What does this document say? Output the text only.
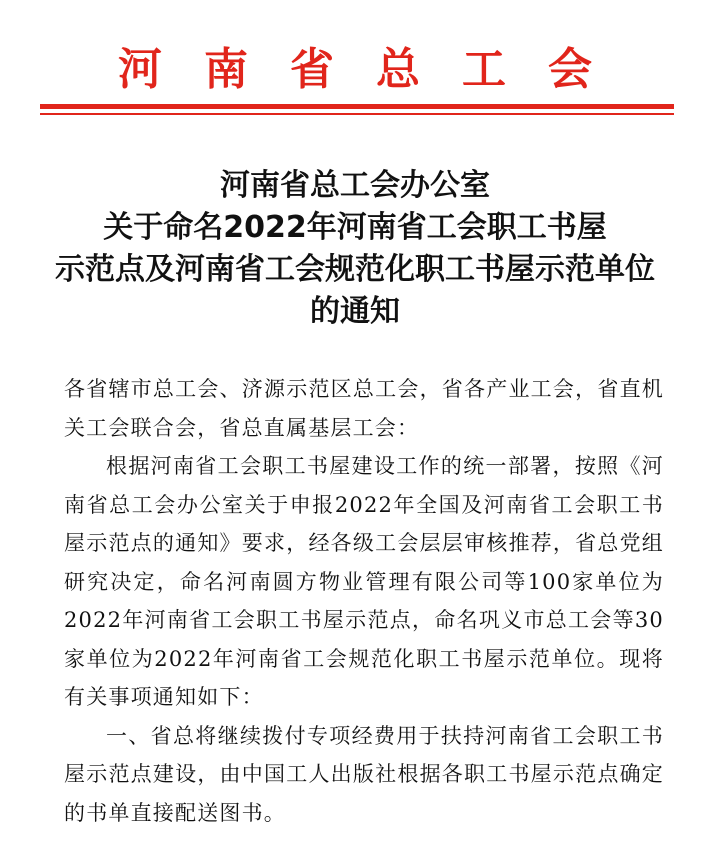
河南省总工会
河南省总工会办公室
关于命名2022年河南省工会职工书屋
示范点及河南省工会规范化职工书屋示范单位
的通知

各省辖市总工会、济源示范区总工会，省各产业工会，省直机关工会联合会，省总直属基层工会：

根据河南省工会职工书屋建设工作的统一部署，按照《河南省总工会办公室关于申报2022年全国及河南省工会职工书屋示范点的通知》要求，经各级工会层层审核推荐，省总党组研究决定，命名河南圆方物业管理有限公司等100家单位为2022年河南省工会职工书屋示范点，命名巩义市总工会等30家单位为2022年河南省工会规范化职工书屋示范单位。现将有关事项通知如下：

一、省总将继续拨付专项经费用于扶持河南省工会职工书屋示范点建设，由中国工人出版社根据各职工书屋示范点确定的书单直接配送图书。
